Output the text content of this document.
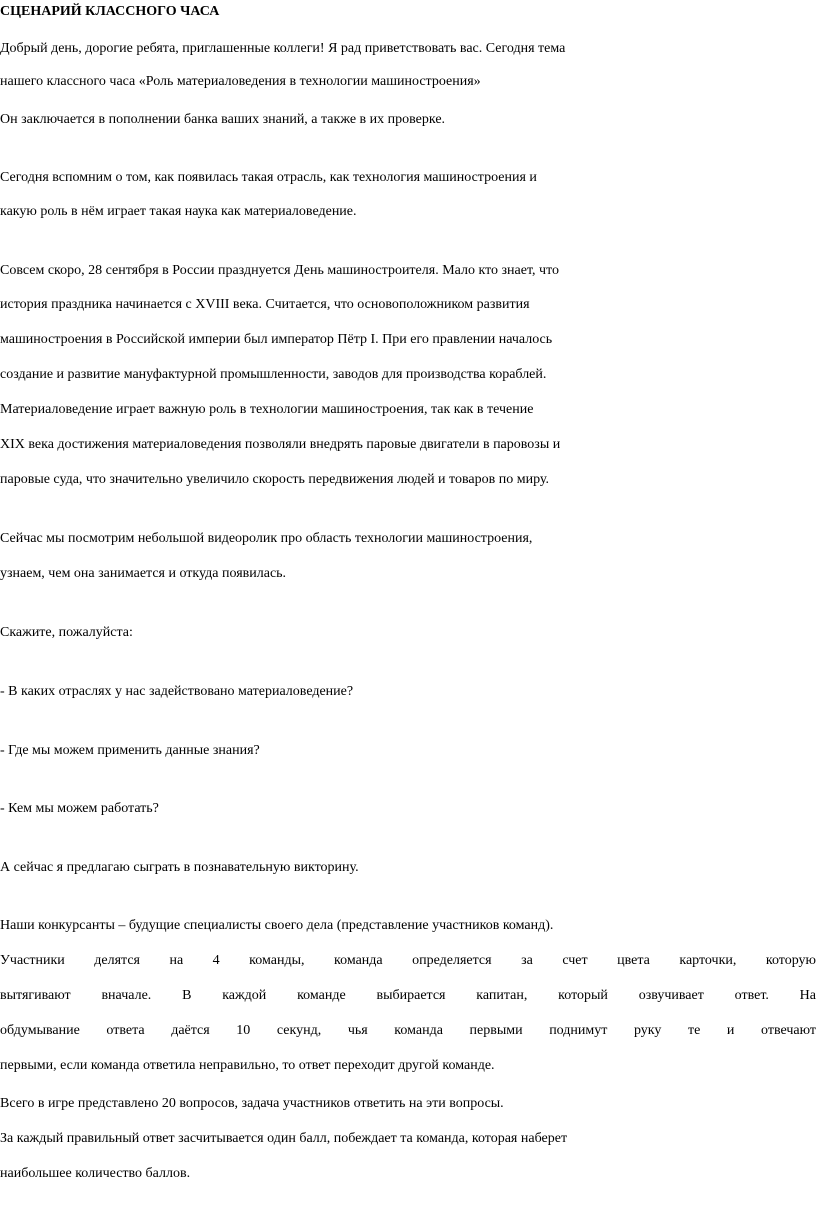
СЦЕНАРИЙ КЛАССНОГО ЧАСА
Добрый день, дорогие ребята, приглашенные коллеги! Я рад приветствовать вас. Сегодня тема
нашего классного часа «Роль материаловедения в технологии машиностроения»
Он заключается в пополнении банка ваших знаний, а также в их проверке.
Сегодня вспомним о том, как появилась такая отрасль, как технология машиностроения и
какую роль в нём играет такая наука как материаловедение.
Совсем скоро, 28 сентября в России празднуется День машиностроителя. Мало кто знает, что
история праздника начинается с XVIII века. Считается, что основоположником развития
машиностроения в Российской империи был император Пётр I. При его правлении началось
создание и развитие мануфактурной промышленности, заводов для производства кораблей.
Материаловедение играет важную роль в технологии машиностроения, так как в течение
XIX века достижения материаловедения позволяли внедрять паровые двигатели в паровозы и
паровые суда, что значительно увеличило скорость передвижения людей и товаров по миру.
Сейчас мы посмотрим небольшой видеоролик про область технологии машиностроения,
узнаем, чем она занимается и откуда появилась.
Скажите, пожалуйста:
- В каких отраслях у нас задействовано материаловедение?
- Где мы можем применить данные знания?
- Кем мы можем работать?
А сейчас я предлагаю сыграть в познавательную викторину.
Наши конкурсанты – будущие специалисты своего дела (представление участников команд).
Участники делятся на 4 команды, команда определяется за счет цвета карточки, которую
вытягивают вначале. В каждой команде выбирается капитан, который озвучивает ответ. На
обдумывание ответа даётся 10 секунд, чья команда первыми поднимут руку те и отвечают
первыми, если команда ответила неправильно, то ответ переходит другой команде.
Всего в игре представлено 20 вопросов, задача участников ответить на эти вопросы.
За каждый правильный ответ засчитывается один балл, побеждает та команда, которая наберет
наибольшее количество баллов.
